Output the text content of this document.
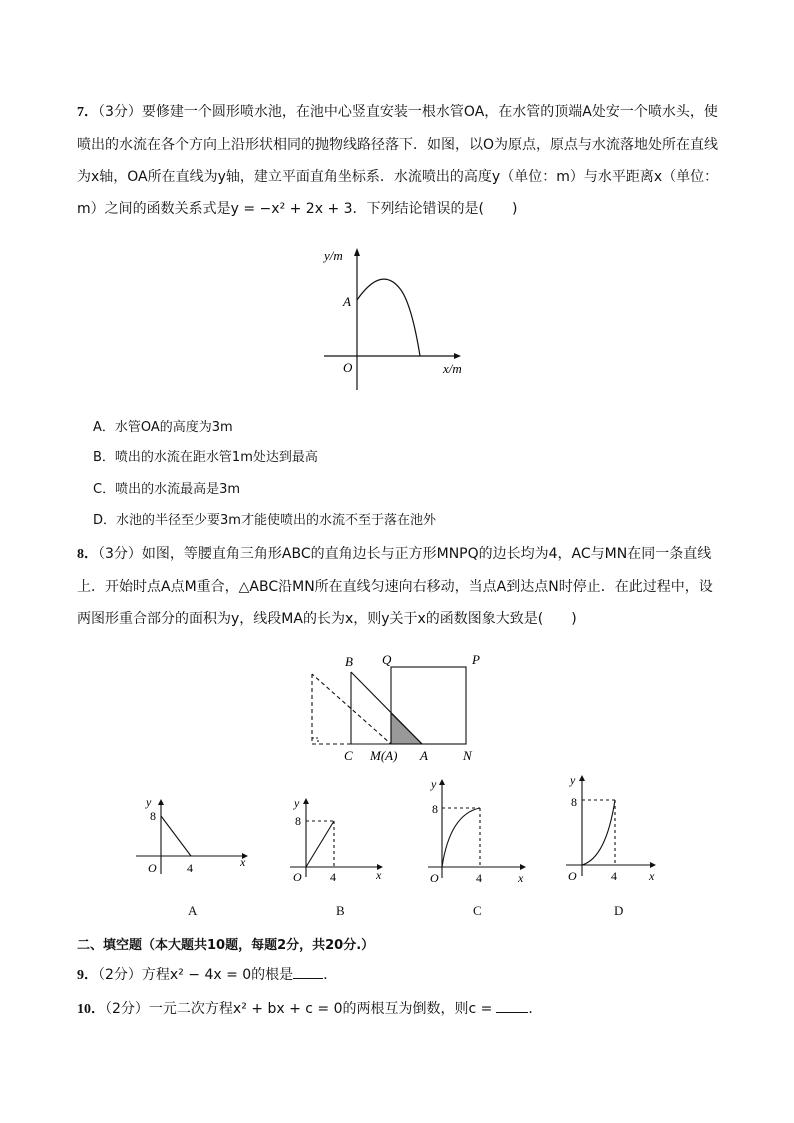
7．（3分）要修建一个圆形喷水池，在池中心竖直安装一根水管OA，在水管的顶端A处安一个喷水头，使喷出的水流在各个方向上沿形状相同的抛物线路径落下．如图，以O为原点，原点与水流落地处所在直线为x轴，OA所在直线为y轴，建立平面直角坐标系．水流喷出的高度y（单位：m）与水平距离x（单位：m）之间的函数关系式是y = −x² + 2x + 3．下列结论错误的是(　　)
y/m
A
O	x/m
A．水管OA的高度为3m
B．喷出的水流在距水管1m处达到最高
C．喷出的水流最高是3m
D．水池的半径至少要3m才能使喷出的水流不至于落在池外
8．（3分）如图，等腰直角三角形ABC的直角边长与正方形MNPQ的边长均为4，AC与MN在同一条直线上．开始时点A点M重合，△ABC沿MN所在直线匀速向右移动，当点A到达点N时停止．在此过程中，设两图形重合部分的面积为y，线段MA的长为x，则y关于x的函数图象大致是(　　)
B Q	P
C M(A) A	N
y
8
O	4	x
y
8
O 4	x
y
8
O	4	x
y
8
O	4	x
A	B	C	D
二、填空题（本大题共10题，每题2分，共20分.）
9．（2分）方程x² − 4x = 0的根是 ．
10．（2分）一元二次方程x² + bx + c = 0的两根互为倒数，则c =	．
